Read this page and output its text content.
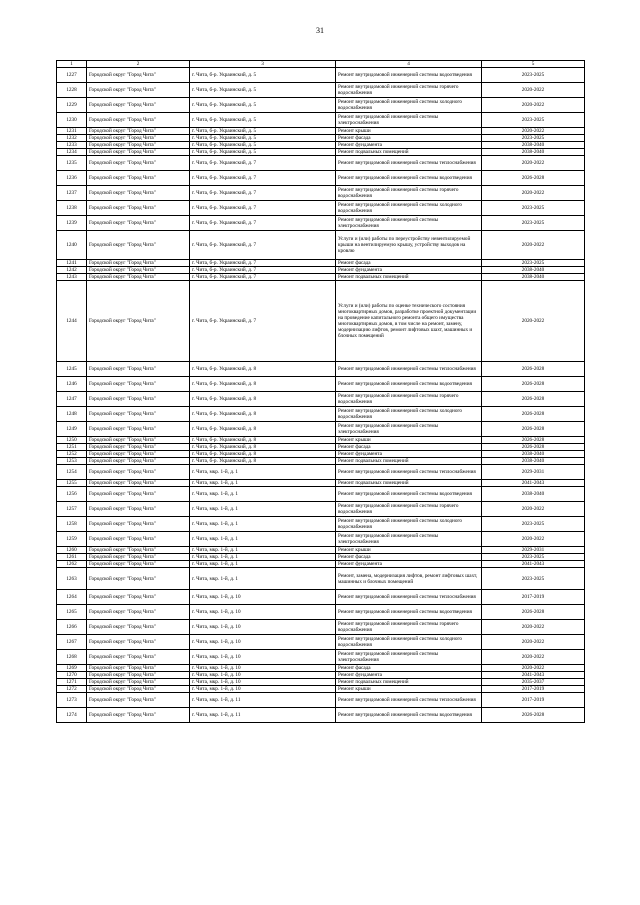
31
1	2	3	4	5
1227	Городской округ "Город Чита"	г. Чита, б-р. Украинский, д. 5	Ремонт внутридомовой инженерной системы водоотведения	2023-2025
1228	Городской округ "Город Чита"	г. Чита, б-р. Украинский, д. 5	Ремонт внутридомовой инженерной системы горячего водоснабжения	2020-2022
1229	Городской округ "Город Чита"	г. Чита, б-р. Украинский, д. 5	Ремонт внутридомовой инженерной системы холодного водоснабжения	2020-2022
1230	Городской округ "Город Чита"	г. Чита, б-р. Украинский, д. 5	Ремонт внутридомовой инженерной системы электроснабжения	2023-2025
1231	Городской округ "Город Чита"	г. Чита, б-р. Украинский, д. 5	Ремонт крыши	2020-2022
1232	Городской округ "Город Чита"	г. Чита, б-р. Украинский, д. 5	Ремонт фасада	2023-2025
1233	Городской округ "Город Чита"	г. Чита, б-р. Украинский, д. 5	Ремонт фундамента	2038-2040
1234	Городской округ "Город Чита"	г. Чита, б-р. Украинский, д. 5	Ремонт подвальных помещений	2038-2040
1235	Городской округ "Город Чита"	г. Чита, б-р. Украинский, д. 7	Ремонт внутридомовой инженерной системы теплоснабжения	2020-2022
1236	Городской округ "Город Чита"	г. Чита, б-р. Украинский, д. 7	Ремонт внутридомовой инженерной системы водоотведения	2026-2028
1237	Городской округ "Город Чита"	г. Чита, б-р. Украинский, д. 7	Ремонт внутридомовой инженерной системы горячего водоснабжения	2020-2022
1238	Городской округ "Город Чита"	г. Чита, б-р. Украинский, д. 7	Ремонт внутридомовой инженерной системы холодного водоснабжения	2023-2025
1239	Городской округ "Город Чита"	г. Чита, б-р. Украинский, д. 7	Ремонт внутридомовой инженерной системы электроснабжения	2023-2025
1240	Городской округ "Город Чита"	г. Чита, б-р. Украинский, д. 7	Услуги и (или) работы по переустройству невентилируемой крыши на вентилируемую крышу, устройству выходов на кровлю	2020-2022
1241	Городской округ "Город Чита"	г. Чита, б-р. Украинский, д. 7	Ремонт фасада	2023-2025
1242	Городской округ "Город Чита"	г. Чита, б-р. Украинский, д. 7	Ремонт фундамента	2038-2040
1243	Городской округ "Город Чита"	г. Чита, б-р. Украинский, д. 7	Ремонт подвальных помещений	2038-2040
1244	Городской округ "Город Чита"	г. Чита, б-р. Украинский, д. 7	Услуги и (или) работы по оценке технического состояния многоквартирных домов, разработке проектной документации на проведение капитального ремонта общего имущества многоквартирных домов, в том числе на ремонт, замену, модернизацию лифтов, ремонт лифтовых шахт, машинных и блочных помещений	2020-2022
1245	Городской округ "Город Чита"	г. Чита, б-р. Украинский, д. 8	Ремонт внутридомовой инженерной системы теплоснабжения	2026-2028
1246	Городской округ "Город Чита"	г. Чита, б-р. Украинский, д. 8	Ремонт внутридомовой инженерной системы водоотведения	2026-2028
1247	Городской округ "Город Чита"	г. Чита, б-р. Украинский, д. 8	Ремонт внутридомовой инженерной системы горячего водоснабжения	2026-2028
1248	Городской округ "Город Чита"	г. Чита, б-р. Украинский, д. 8	Ремонт внутридомовой инженерной системы холодного водоснабжения	2026-2028
1249	Городской округ "Город Чита"	г. Чита, б-р. Украинский, д. 8	Ремонт внутридомовой инженерной системы электроснабжения	2026-2028
1250	Городской округ "Город Чита"	г. Чита, б-р. Украинский, д. 8	Ремонт крыши	2026-2028
1251	Городской округ "Город Чита"	г. Чита, б-р. Украинский, д. 8	Ремонт фасада	2026-2028
1252	Городской округ "Город Чита"	г. Чита, б-р. Украинский, д. 8	Ремонт фундамента	2038-2040
1253	Городской округ "Город Чита"	г. Чита, б-р. Украинский, д. 8	Ремонт подвальных помещений	2038-2040
1254	Городской округ "Город Чита"	г. Чита, мкр. 1-й, д. 1	Ремонт внутридомовой инженерной системы теплоснабжения	2029-2031
1255	Городской округ "Город Чита"	г. Чита, мкр. 1-й, д. 1	Ремонт подвальных помещений	2041-2043
1256	Городской округ "Город Чита"	г. Чита, мкр. 1-й, д. 1	Ремонт внутридомовой инженерной системы водоотведения	2038-2040
1257	Городской округ "Город Чита"	г. Чита, мкр. 1-й, д. 1	Ремонт внутридомовой инженерной системы горячего водоснабжения	2020-2022
1258	Городской округ "Город Чита"	г. Чита, мкр. 1-й, д. 1	Ремонт внутридомовой инженерной системы холодного водоснабжения	2023-2025
1259	Городской округ "Город Чита"	г. Чита, мкр. 1-й, д. 1	Ремонт внутридомовой инженерной системы электроснабжения	2020-2022
1260	Городской округ "Город Чита"	г. Чита, мкр. 1-й, д. 1	Ремонт крыши	2029-2031
1261	Городской округ "Город Чита"	г. Чита, мкр. 1-й, д. 1	Ремонт фасада	2023-2025
1262	Городской округ "Город Чита"	г. Чита, мкр. 1-й, д. 1	Ремонт фундамента	2041-2043
1263	Городской округ "Город Чита"	г. Чита, мкр. 1-й, д. 1	Ремонт, замена, модернизация лифтов, ремонт лифтовых шахт, машинных и блочных помещений	2023-2025
1264	Городской округ "Город Чита"	г. Чита, мкр. 1-й, д. 10	Ремонт внутридомовой инженерной системы теплоснабжения	2017-2019
1265	Городской округ "Город Чита"	г. Чита, мкр. 1-й, д. 10	Ремонт внутридомовой инженерной системы водоотведения	2026-2028
1266	Городской округ "Город Чита"	г. Чита, мкр. 1-й, д. 10	Ремонт внутридомовой инженерной системы горячего водоснабжения	2020-2022
1267	Городской округ "Город Чита"	г. Чита, мкр. 1-й, д. 10	Ремонт внутридомовой инженерной системы холодного водоснабжения	2020-2022
1268	Городской округ "Город Чита"	г. Чита, мкр. 1-й, д. 10	Ремонт внутридомовой инженерной системы электроснабжения	2020-2022
1269	Городской округ "Город Чита"	г. Чита, мкр. 1-й, д. 10	Ремонт фасада	2020-2022
1270	Городской округ "Город Чита"	г. Чита, мкр. 1-й, д. 10	Ремонт фундамента	2041-2043
1271	Городской округ "Город Чита"	г. Чита, мкр. 1-й, д. 10	Ремонт подвальных помещений	2035-2037
1272	Городской округ "Город Чита"	г. Чита, мкр. 1-й, д. 10	Ремонт крыши	2017-2019
1273	Городской округ "Город Чита"	г. Чита, мкр. 1-й, д. 11	Ремонт внутридомовой инженерной системы теплоснабжения	2017-2019
1274	Городской округ "Город Чита"	г. Чита, мкр. 1-й, д. 11	Ремонт внутридомовой инженерной системы водоотведения	2026-2028
